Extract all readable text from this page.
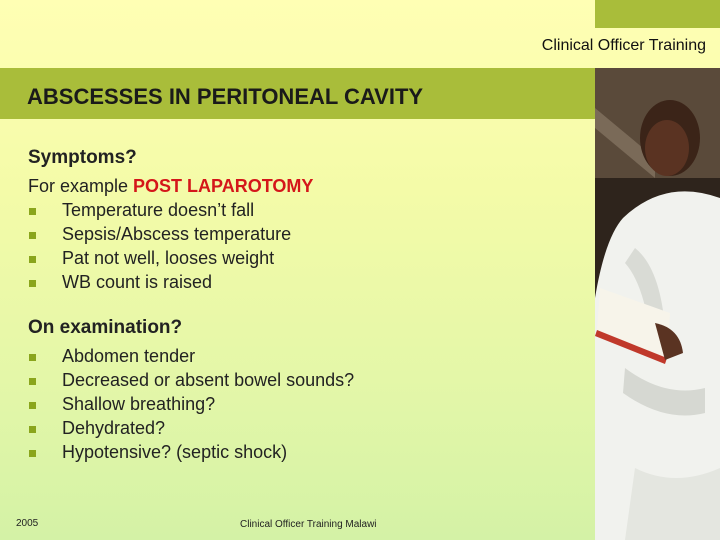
Clinical Officer Training
ABSCESSES IN PERITONEAL CAVITY
Symptoms?
For example POST LAPAROTOMY
Temperature doesn’t fall
Sepsis/Abscess temperature
Pat not well, looses weight
WB count is raised
On examination?
Abdomen tender
Decreased or absent bowel sounds?
Shallow breathing?
Dehydrated?
Hypotensive? (septic shock)
2005	Clinical Officer Training Malawi
